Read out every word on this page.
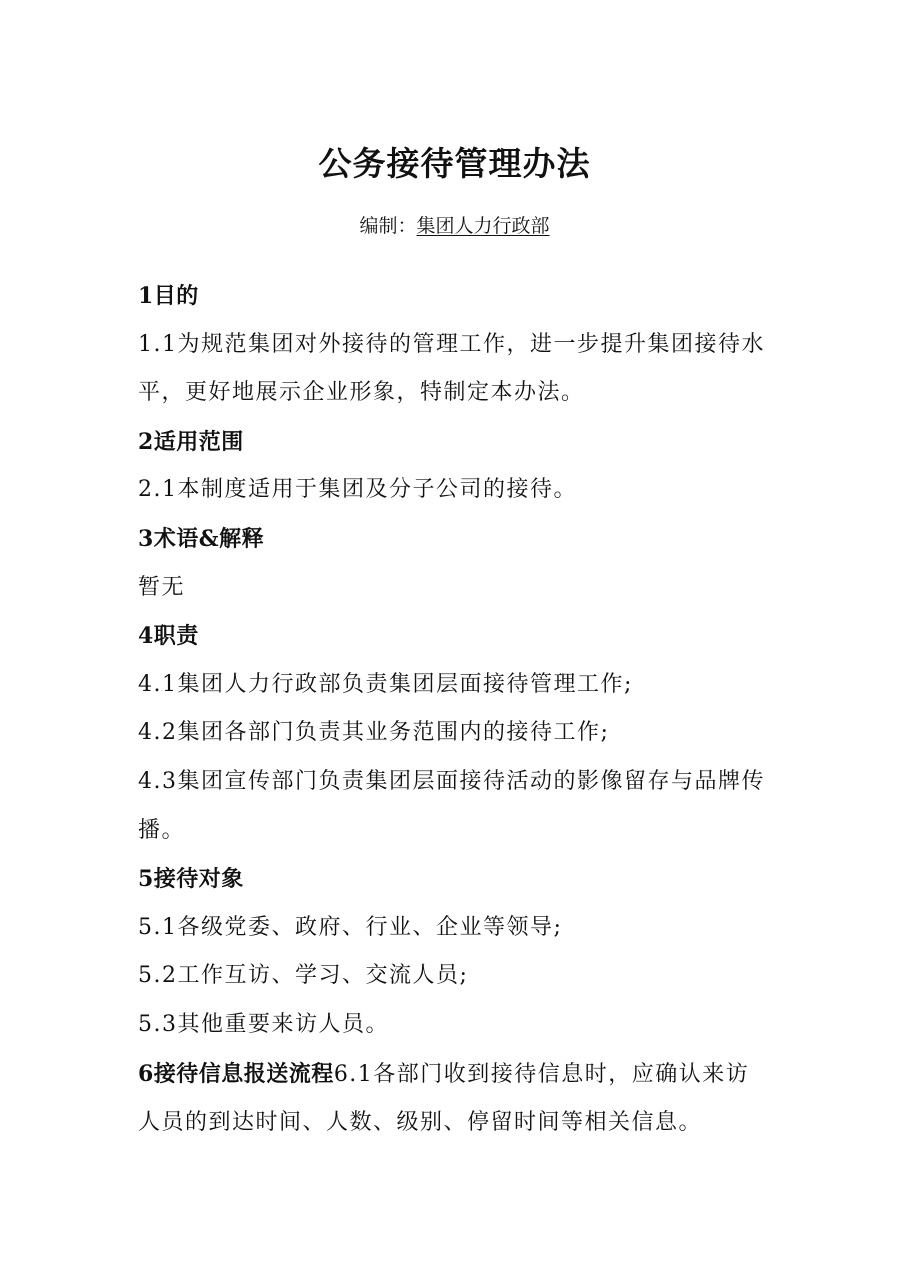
公务接待管理办法
编制：集团人力行政部

1目的

1.1为规范集团对外接待的管理工作，进一步提升集团接待水平，更好地展示企业形象，特制定本办法。

2适用范围

2.1本制度适用于集团及分子公司的接待。

3术语&解释

暂无

4职责

4.1集团人力行政部负责集团层面接待管理工作;

4.2集团各部门负责其业务范围内的接待工作;

4.3集团宣传部门负责集团层面接待活动的影像留存与品牌传播。

5接待对象

5.1各级党委、政府、行业、企业等领导;

5.2工作互访、学习、交流人员;

5.3其他重要来访人员。

6接待信息报送流程6.1各部门收到接待信息时，应确认来访人员的到达时间、人数、级别、停留时间等相关信息。
